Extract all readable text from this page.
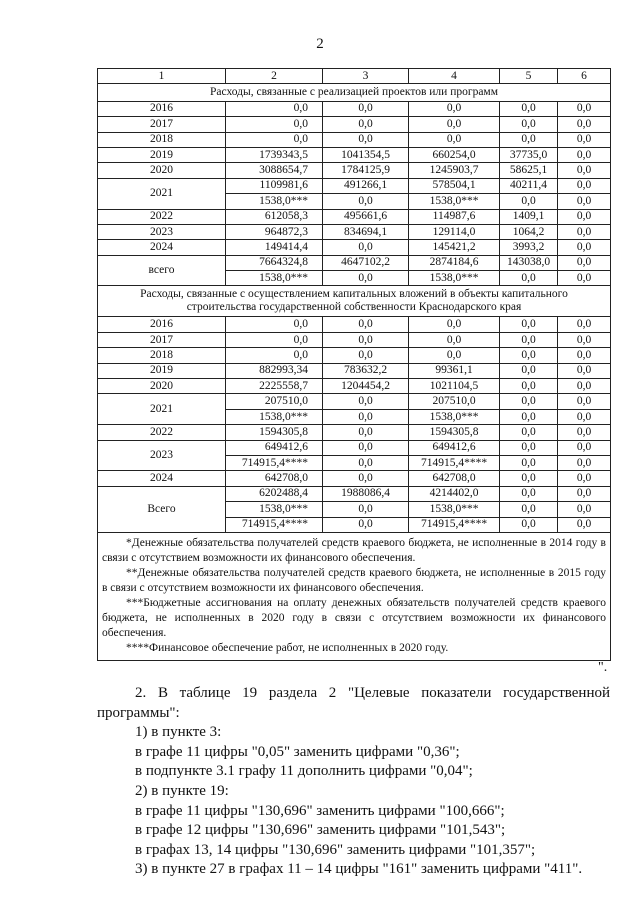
2
1	2	3	4	5	6
Расходы, связанные с реализацией проектов или программ					
2016	0,0	0,0	0,0	0,0	0,0
2017	0,0	0,0	0,0	0,0	0,0
2018	0,0	0,0	0,0	0,0	0,0
2019	1739343,5	1041354,5	660254,0	37735,0	0,0
2020	3088654,7	1784125,9	1245903,7	58625,1	0,0
2021	1109981,6	491266,1	578504,1	40211,4	0,0
	1538,0***	0,0	1538,0***	0,0	0,0
2022	612058,3	495661,6	114987,6	1409,1	0,0
2023	964872,3	834694,1	129114,0	1064,2	0,0
2024	149414,4	0,0	145421,2	3993,2	0,0
всего	7664324,8	4647102,2	2874184,6	143038,0	0,0
	1538,0***	0,0	1538,0***	0,0	0,0
Расходы, связанные с осуществлением капитальных вложений в объекты капитального строительства государственной собственности Краснодарского края					
2016	0,0	0,0	0,0	0,0	0,0
2017	0,0	0,0	0,0	0,0	0,0
2018	0,0	0,0	0,0	0,0	0,0
2019	882993,34	783632,2	99361,1	0,0	0,0
2020	2225558,7	1204454,2	1021104,5	0,0	0,0
2021	207510,0	0,0	207510,0	0,0	0,0
	1538,0***	0,0	1538,0***	0,0	0,0
2022	1594305,8	0,0	1594305,8	0,0	0,0
2023	649412,6	0,0	649412,6	0,0	0,0
	714915,4****	0,0	714915,4****	0,0	0,0
2024	642708,0	0,0	642708,0	0,0	0,0
Всего	6202488,4	1988086,4	4214402,0	0,0	0,0
	1538,0***	0,0	1538,0***	0,0	0,0
	714915,4****	0,0	714915,4****	0,0	0,0

*Денежные обязательства получателей средств краевого бюджета, не исполненные в 2014 году в связи с отсутствием возможности их финансового обеспечения.

**Денежные обязательства получателей средств краевого бюджета, не исполненные в 2015 году в связи с отсутствием возможности их финансового обеспечения.

***Бюджетные ассигнования на оплату денежных обязательств получателей средств краевого бюджета, не исполненных в 2020 году в связи с отсутствием возможности их финансового обеспечения.

****Финансовое обеспечение работ, не исполненных в 2020 году.					

".

2. В таблице 19 раздела 2 "Целевые показатели государственной программы":

1) в пункте 3:

в графе 11 цифры "0,05" заменить цифрами "0,36";

в подпункте 3.1 графу 11 дополнить цифрами "0,04";

2) в пункте 19:

в графе 11 цифры "130,696" заменить цифрами "100,666";

в графе 12 цифры "130,696" заменить цифрами "101,543";

в графах 13, 14 цифры "130,696" заменить цифрами "101,357";

3) в пункте 27 в графах 11 – 14 цифры "161" заменить цифрами "411".
